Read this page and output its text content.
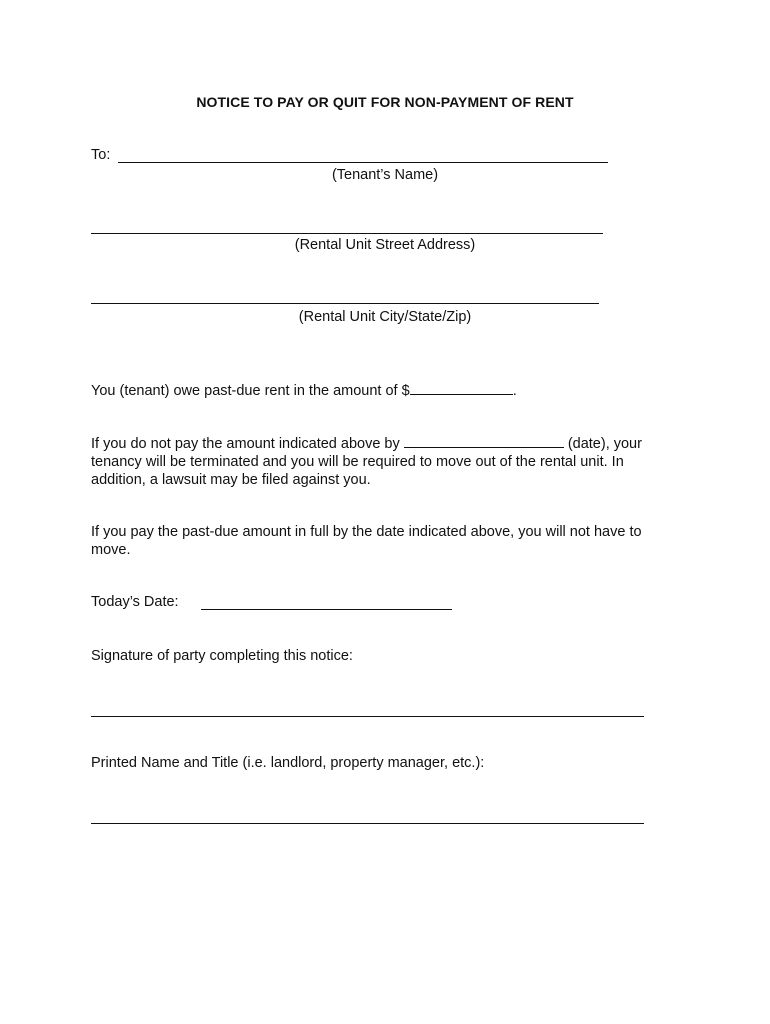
NOTICE TO PAY OR QUIT FOR NON-PAYMENT OF RENT
To:
(Tenant’s Name)
(Rental Unit Street Address)
(Rental Unit City/State/Zip)
You (tenant) owe past-due rent in the amount of $	.
If you do not pay the amount indicated above by	(date), your tenancy will be terminated and you will be required to move out of the rental unit. In addition, a lawsuit may be filed against you.
If you pay the past-due amount in full by the date indicated above, you will not have to move.
Today’s Date:
Signature of party completing this notice:
Printed Name and Title (i.e. landlord, property manager, etc.):
